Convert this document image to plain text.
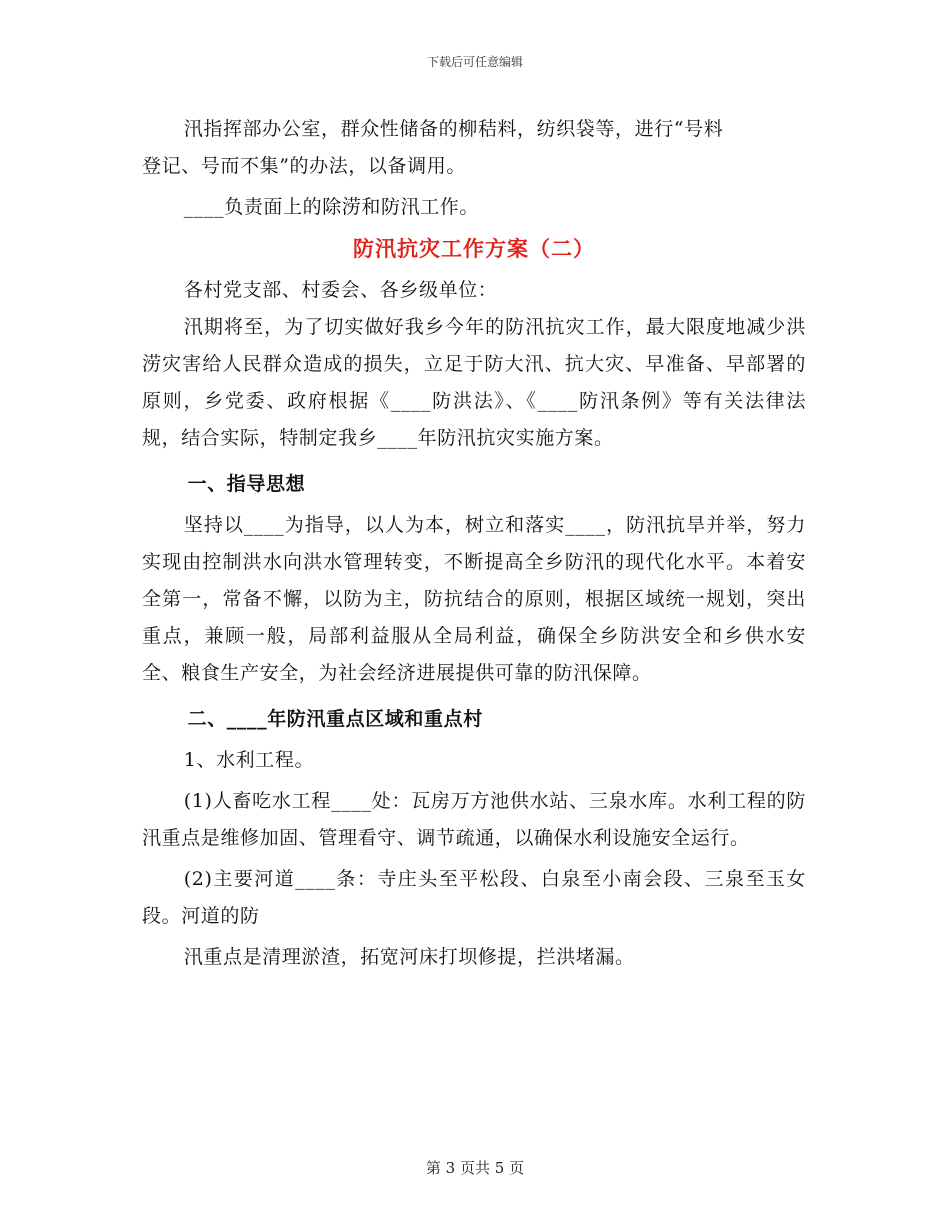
下载后可任意编辑

汛指挥部办公室，群众性储备的柳秸料，纺织袋等，进行“号料

登记、号而不集”的办法，以备调用。

____负责面上的除涝和防汛工作。

防汛抗灾工作方案（二）

各村党支部、村委会、各乡级单位：

汛期将至，为了切实做好我乡今年的防汛抗灾工作，最大限度地减少洪涝灾害给人民群众造成的损失，立足于防大汛、抗大灾、早准备、早部署的原则，乡党委、政府根据《____防洪法》、《____防汛条例》等有关法律法规，结合实际，特制定我乡____年防汛抗灾实施方案。

一、指导思想

坚持以____为指导，以人为本，树立和落实____，防汛抗旱并举，努力实现由控制洪水向洪水管理转变，不断提高全乡防汛的现代化水平。本着安全第一，常备不懈，以防为主，防抗结合的原则，根据区域统一规划，突出重点，兼顾一般，局部利益服从全局利益，确保全乡防洪安全和乡供水安全、粮食生产安全，为社会经济进展提供可靠的防汛保障。

二、____年防汛重点区域和重点村

1、水利工程。

(1)人畜吃水工程____处：瓦房万方池供水站、三泉水库。水利工程的防汛重点是维修加固、管理看守、调节疏通，以确保水利设施安全运行。

(2)主要河道____条：寺庄头至平松段、白泉至小南会段、三泉至玉女段。河道的防

汛重点是清理淤渣，拓宽河床打坝修提，拦洪堵漏。

第 3 页共 5 页
